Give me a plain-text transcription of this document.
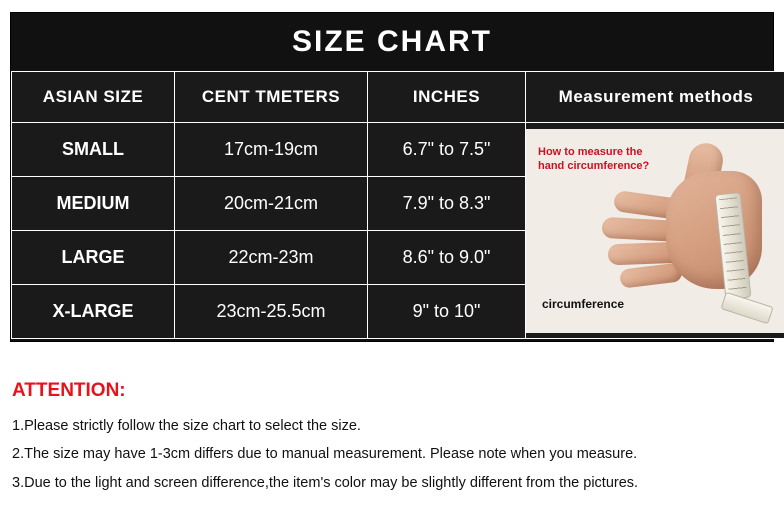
SIZE CHART
ASIAN SIZE	CENT TMETERS	INCHES	Measurement methods
SMALL	17cm-19cm	6.7" to 7.5"	How to measure the hand circumference?
circumference

MEDIUM	20cm-21cm	7.9" to 8.3"	
LARGE	22cm-23m	8.6" to 9.0"	
X-LARGE	23cm-25.5cm	9" to 10"	
ATTENTION:
1.Please strictly follow the size chart to select the size.
2.The size may have 1-3cm differs due to manual measurement. Please note when you measure.
3.Due to the light and screen difference,the item's color may be slightly different from the pictures.
